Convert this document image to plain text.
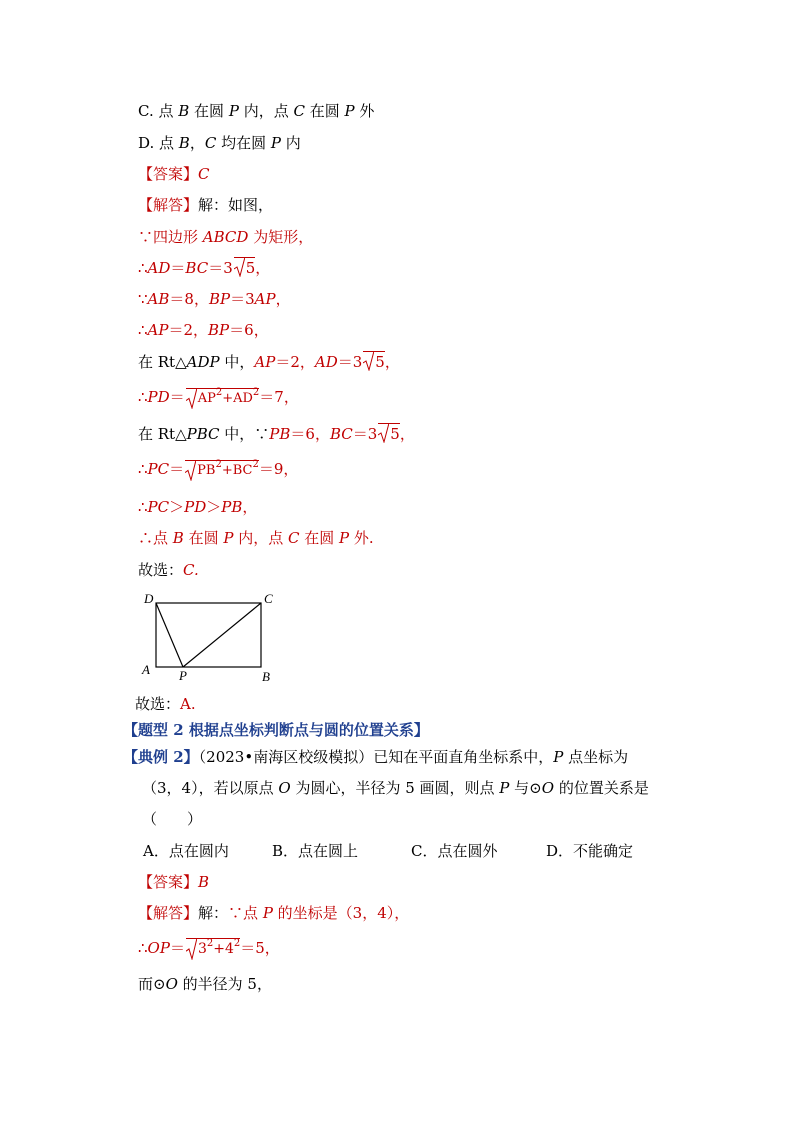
C. 点 B 在圆 P 内，点 C 在圆 P 外
D. 点 B，C 均在圆 P 内
【答案】C
【解答】解：如图，
∵四边形 ABCD 为矩形，
∴AD＝BC＝3 5，
∵AB＝8，BP＝3AP，
∴AP＝2，BP＝6，
在 Rt△ADP 中，AP＝2，AD＝3 5，
∴PD＝ $AP^2+AD^2=7$，
在 Rt△PBC 中，∵PB＝6，BC＝3 5，
∴PC＝ $PB^2+BC^2=9$，
∴PC＞PD＞PB，
∴点 B 在圆 P 内，点 C 在圆 P 外.
故选：C.
D	C
A P	B
故选：A.
【题型 2 根据点坐标判断点与圆的位置关系】
【典例 2】（2023•南海区校级模拟）已知在平面直角坐标系中，P 点坐标为
（3，4），若以原点 O 为圆心，半径为 5 画圆，则点 P 与⊙O 的位置关系是
（　　）
A．点在圆内	B．点在圆上	C．点在圆外	D．不能确定
【答案】B
【解答】解：∵点 P 的坐标是（3，4），
∴OP＝ $3^2+4^2=5$，
而⊙O 的半径为 5，
